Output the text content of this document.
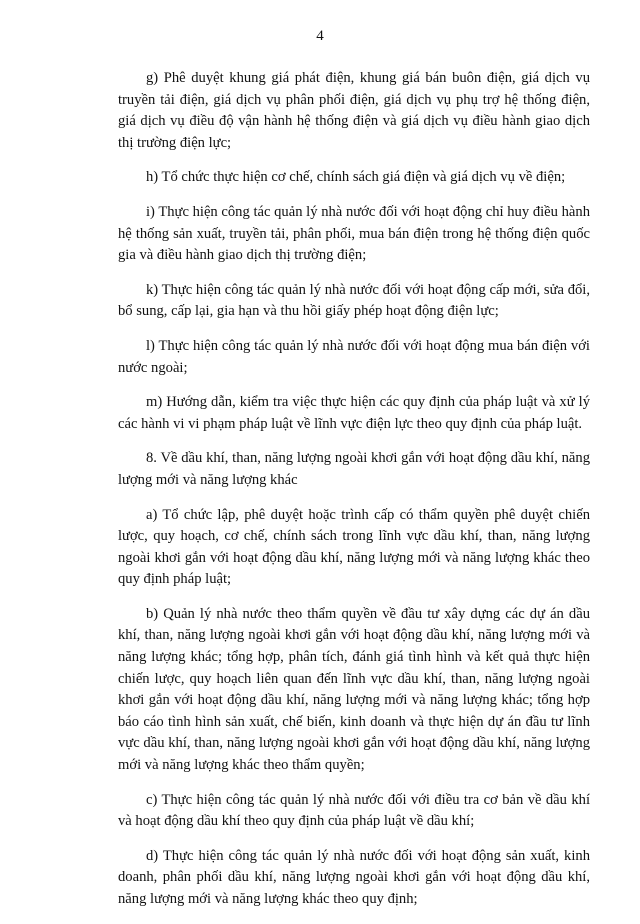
4

g) Phê duyệt khung giá phát điện, khung giá bán buôn điện, giá dịch vụ truyền tải điện, giá dịch vụ phân phối điện, giá dịch vụ phụ trợ hệ thống điện, giá dịch vụ điều độ vận hành hệ thống điện và giá dịch vụ điều hành giao dịch thị trường điện lực;

h) Tổ chức thực hiện cơ chế, chính sách giá điện và giá dịch vụ về điện;

i) Thực hiện công tác quản lý nhà nước đối với hoạt động chỉ huy điều hành hệ thống sản xuất, truyền tải, phân phối, mua bán điện trong hệ thống điện quốc gia và điều hành giao dịch thị trường điện;

k) Thực hiện công tác quản lý nhà nước đối với hoạt động cấp mới, sửa đổi, bổ sung, cấp lại, gia hạn và thu hồi giấy phép hoạt động điện lực;

l) Thực hiện công tác quản lý nhà nước đối với hoạt động mua bán điện với nước ngoài;

m) Hướng dẫn, kiểm tra việc thực hiện các quy định của pháp luật và xử lý các hành vi vi phạm pháp luật về lĩnh vực điện lực theo quy định của pháp luật.

8. Về dầu khí, than, năng lượng ngoài khơi gắn với hoạt động dầu khí, năng lượng mới và năng lượng khác

a) Tổ chức lập, phê duyệt hoặc trình cấp có thẩm quyền phê duyệt chiến lược, quy hoạch, cơ chế, chính sách trong lĩnh vực dầu khí, than, năng lượng ngoài khơi gắn với hoạt động dầu khí, năng lượng mới và năng lượng khác theo quy định pháp luật;

b) Quản lý nhà nước theo thẩm quyền về đầu tư xây dựng các dự án dầu khí, than, năng lượng ngoài khơi gắn với hoạt động dầu khí, năng lượng mới và năng lượng khác; tổng hợp, phân tích, đánh giá tình hình và kết quả thực hiện chiến lược, quy hoạch liên quan đến lĩnh vực dầu khí, than, năng lượng ngoài khơi gắn với hoạt động dầu khí, năng lượng mới và năng lượng khác; tổng hợp báo cáo tình hình sản xuất, chế biến, kinh doanh và thực hiện dự án đầu tư lĩnh vực dầu khí, than, năng lượng ngoài khơi gắn với hoạt động dầu khí, năng lượng mới và năng lượng khác theo thẩm quyền;

c) Thực hiện công tác quản lý nhà nước đối với điều tra cơ bản về dầu khí và hoạt động dầu khí theo quy định của pháp luật về dầu khí;

d) Thực hiện công tác quản lý nhà nước đối với hoạt động sản xuất, kinh doanh, phân phối dầu khí, năng lượng ngoài khơi gắn với hoạt động dầu khí, năng lượng mới và năng lượng khác theo quy định;
